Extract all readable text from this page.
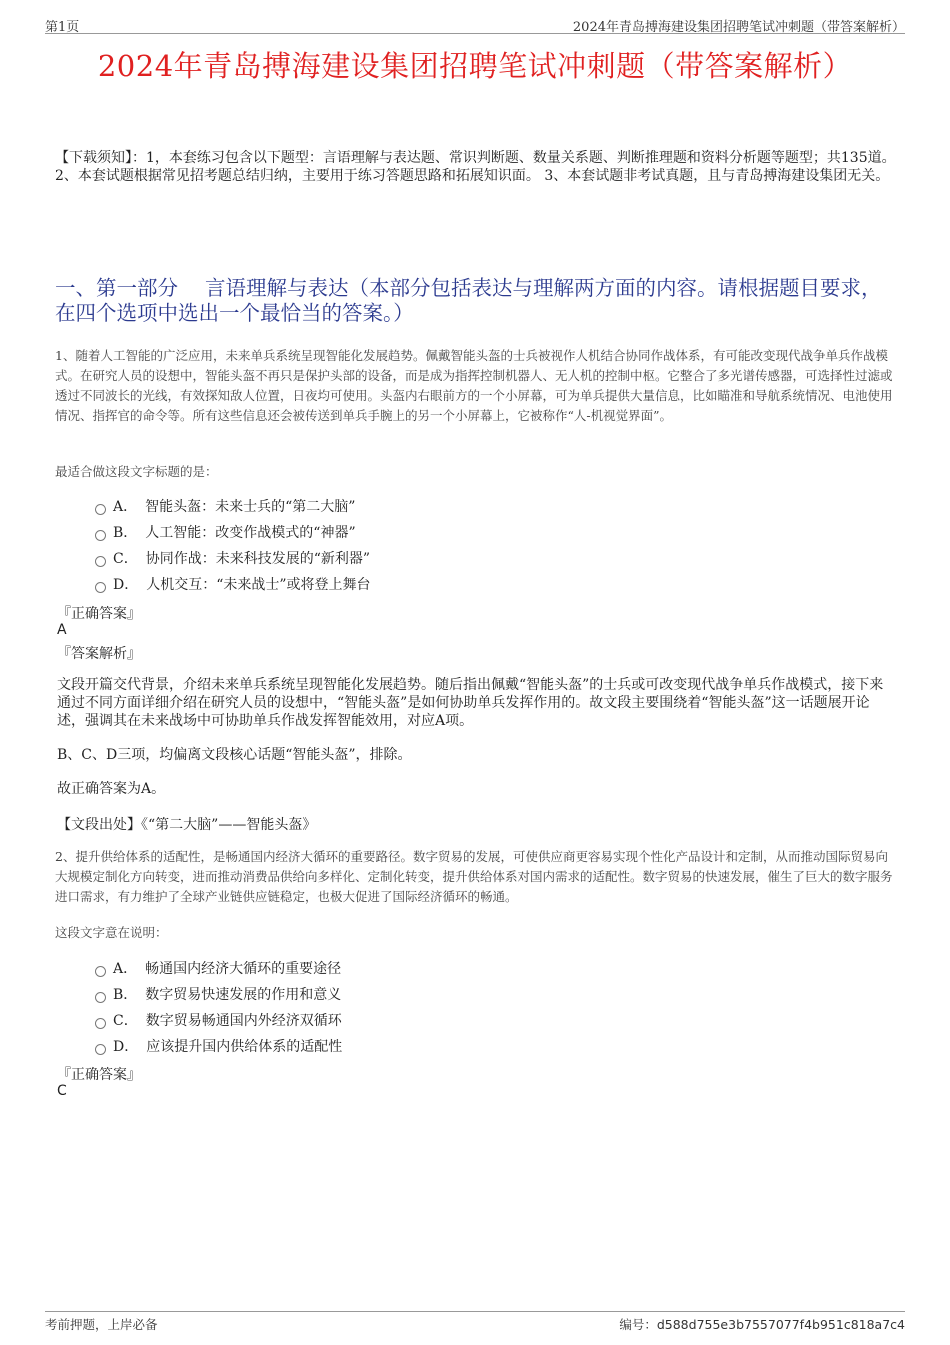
第1页	2024年青岛搏海建设集团招聘笔试冲刺题（带答案解析）
2024年青岛搏海建设集团招聘笔试冲刺题（带答案解析）

【下载须知】：1，本套练习包含以下题型：言语理解与表达题、常识判断题、数量关系题、判断推理题和资料分析题等题型；共135道。 2、本套试题根据常见招考题总结归纳，主要用于练习答题思路和拓展知识面。 3、本套试题非考试真题，且与青岛搏海建设集团无关。

一、第一部分　 言语理解与表达（本部分包括表达与理解两方面的内容。请根据题目要求，在四个选项中选出一个最恰当的答案。）

1、随着人工智能的广泛应用，未来单兵系统呈现智能化发展趋势。佩戴智能头盔的士兵被视作人机结合协同作战体系，有可能改变现代战争单兵作战模式。在研究人员的设想中，智能头盔不再只是保护头部的设备，而是成为指挥控制机器人、无人机的控制中枢。它整合了多光谱传感器，可选择性过滤或透过不同波长的光线，有效探知敌人位置，日夜均可使用。头盔内右眼前方的一个小屏幕，可为单兵提供大量信息，比如瞄准和导航系统情况、电池使用情况、指挥官的命令等。所有这些信息还会被传送到单兵手腕上的另一个小屏幕上，它被称作“人-机视觉界面”。

最适合做这段文字标题的是：

A． 智能头盔：未来士兵的“第二大脑”
B． 人工智能：改变作战模式的“神器”
C． 协同作战：未来科技发展的“新利器”
D． 人机交互：“未来战士”或将登上舞台
『正确答案』
A
『答案解析』

文段开篇交代背景，介绍未来单兵系统呈现智能化发展趋势。随后指出佩戴“智能头盔”的士兵或可改变现代战争单兵作战模式，接下来通过不同方面详细介绍在研究人员的设想中，“智能头盔”是如何协助单兵发挥作用的。故文段主要围绕着“智能头盔”这一话题展开论述，强调其在未来战场中可协助单兵作战发挥智能效用，对应A项。

B、C、D三项，均偏离文段核心话题“智能头盔”，排除。

故正确答案为A。

【文段出处】《“第二大脑”——智能头盔》

2、提升供给体系的适配性，是畅通国内经济大循环的重要路径。数字贸易的发展，可使供应商更容易实现个性化产品设计和定制，从而推动国际贸易向大规模定制化方向转变，进而推动消费品供给向多样化、定制化转变，提升供给体系对国内需求的适配性。数字贸易的快速发展，催生了巨大的数字服务进口需求，有力维护了全球产业链供应链稳定，也极大促进了国际经济循环的畅通。

这段文字意在说明：

A． 畅通国内经济大循环的重要途径
B． 数字贸易快速发展的作用和意义
C． 数字贸易畅通国内外经济双循环
D． 应该提升国内供给体系的适配性
『正确答案』
C
考前押题，上岸必备	编号：d588d755e3b7557077f4b951c818a7c4
